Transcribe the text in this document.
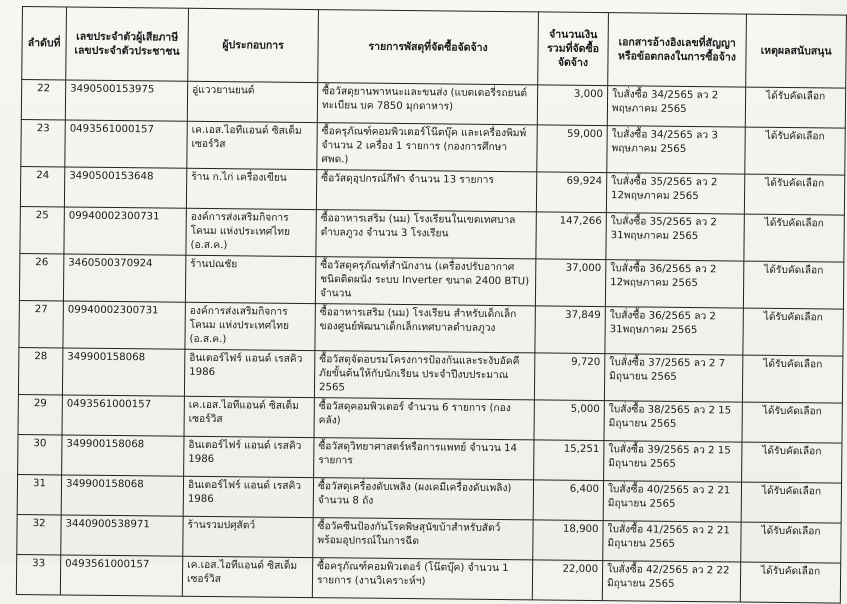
ลำดับที่	เลขประจำตัวผู้เสียภาษี เลขประจำตัวประชาชน	ผู้ประกอบการ	รายการพัสดุที่จัดซื้อจัดจ้าง	จำนวนเงิน รวมที่จัดซื้อจัดจ้าง	เอกสารอ้างอิงเลขที่สัญญา หรือข้อตกลงในการซื้อจ้าง	เหตุผลสนับสนุน
22	3490500153975	อู่แววยานยนต์	ซื้อวัสดุยานพาหนะและขนส่ง (แบตเตอรี่รถยนต์ ทะเบียน บค 7850 มุกดาหาร)	3,000	ใบสั่งซื้อ 34/2565 ลว 2 พฤษภาคม 2565	ได้รับคัดเลือก
23	0493561000157	เค.เอส.ไอทีแอนด์ ซิสเต็ม เซอร์วิส	ซื้อครุภัณฑ์คอมพิวเตอร์โน๊ตบุ๊ค และเครื่องพิมพ์ จำนวน 2 เครื่อง 1 รายการ (กองการศึกษา ศพด.)	59,000	ใบสั่งซื้อ 34/2565 ลว 3 พฤษภาคม 2565	ได้รับคัดเลือก
24	3490500153648	ร้าน ก.ไก่ เครื่องเขียน	ซื้อวัสดุอุปกรณ์กีฬา จำนวน 13 รายการ	69,924	ใบสั่งซื้อ 35/2565 ลว 2 12พฤษภาคม 2565	ได้รับคัดเลือก
25	09940002300731	องค์การส่งเสริมกิจการโคนม แห่งประเทศไทย (อ.ส.ค.)	ซื้ออาหารเสริม (นม) โรงเรียนในเขตเทศบาล ตำบลภูวง จำนวน 3 โรงเรียน	147,266	ใบสั่งซื้อ 35/2565 ลว 2 31พฤษภาคม 2565	ได้รับคัดเลือก
26	3460500370924	ร้านปณชัย	ซื้อวัสดุครุภัณฑ์สำนักงาน (เครื่องปรับอากาศชนิดติดผนัง ระบบ Inverter ขนาด 2400 BTU) จำนวน	37,000	ใบสั่งซื้อ 36/2565 ลว 2 12พฤษภาคม 2565	ได้รับคัดเลือก
27	09940002300731	องค์การส่งเสริมกิจการโคนม แห่งประเทศไทย (อ.ส.ค.)	ซื้ออาหารเสริม (นม) โรงเรียน สำหรับเด็กเล็กของศูนย์พัฒนาเด็กเล็กเทศบาลตำบลภูวง	37,849	ใบสั่งซื้อ 36/2565 ลว 2 31พฤษภาคม 2565	ได้รับคัดเลือก
28	349900158068	อินเตอร์ไฟร์ แอนด์ เรสคิว 1986	ซื้อวัสดุจัดอบรมโครงการป้องกันและระงับอัคคีภัยขั้นต้นให้กับนักเรียน ประจำปีงบประมาณ 2565	9,720	ใบสั่งซื้อ 37/2565 ลว 2 7 มิถุนายน 2565	ได้รับคัดเลือก
29	0493561000157	เค.เอส.ไอทีแอนด์ ซิสเต็ม เซอร์วิส	ซื้อวัสดุคอมพิวเตอร์ จำนวน 6 รายการ (กองคลัง)	5,000	ใบสั่งซื้อ 38/2565 ลว 2 15 มิถุนายน 2565	ได้รับคัดเลือก
30	349900158068	อินเตอร์ไฟร์ แอนด์ เรสคิว 1986	ซื้อวัสดุวิทยาศาสตร์หรือการแพทย์ จำนวน 14 รายการ	15,251	ใบสั่งซื้อ 39/2565 ลว 2 15 มิถุนายน 2565	ได้รับคัดเลือก
31	349900158068	อินเตอร์ไฟร์ แอนด์ เรสคิว 1986	ซื้อวัสดุเครื่องดับเพลิง (ผงเคมีเครื่องดับเพลิง) จำนวน 8 ถัง	6,400	ใบสั่งซื้อ 40/2565 ลว 2 21 มิถุนายน 2565	ได้รับคัดเลือก
32	3440900538971	ร้านรวมปศุสัตว์	ซื้อวัคซีนป้องกันโรคพิษสุนัขบ้าสำหรับสัตว์ พร้อมอุปกรณ์ในการฉีด	18,900	ใบสั่งซื้อ 41/2565 ลว 2 21 มิถุนายน 2565	ได้รับคัดเลือก
33	0493561000157	เค.เอส.ไอทีแอนด์ ซิสเต็ม เซอร์วิส	ซื้อครุภัณฑ์คอมพิวเตอร์ (โน๊ตบุ๊ค) จำนวน 1 รายการ (งานวิเคราะห์ฯ)	22,000	ใบสั่งซื้อ 42/2565 ลว 2 22 มิถุนายน 2565	ได้รับคัดเลือก
